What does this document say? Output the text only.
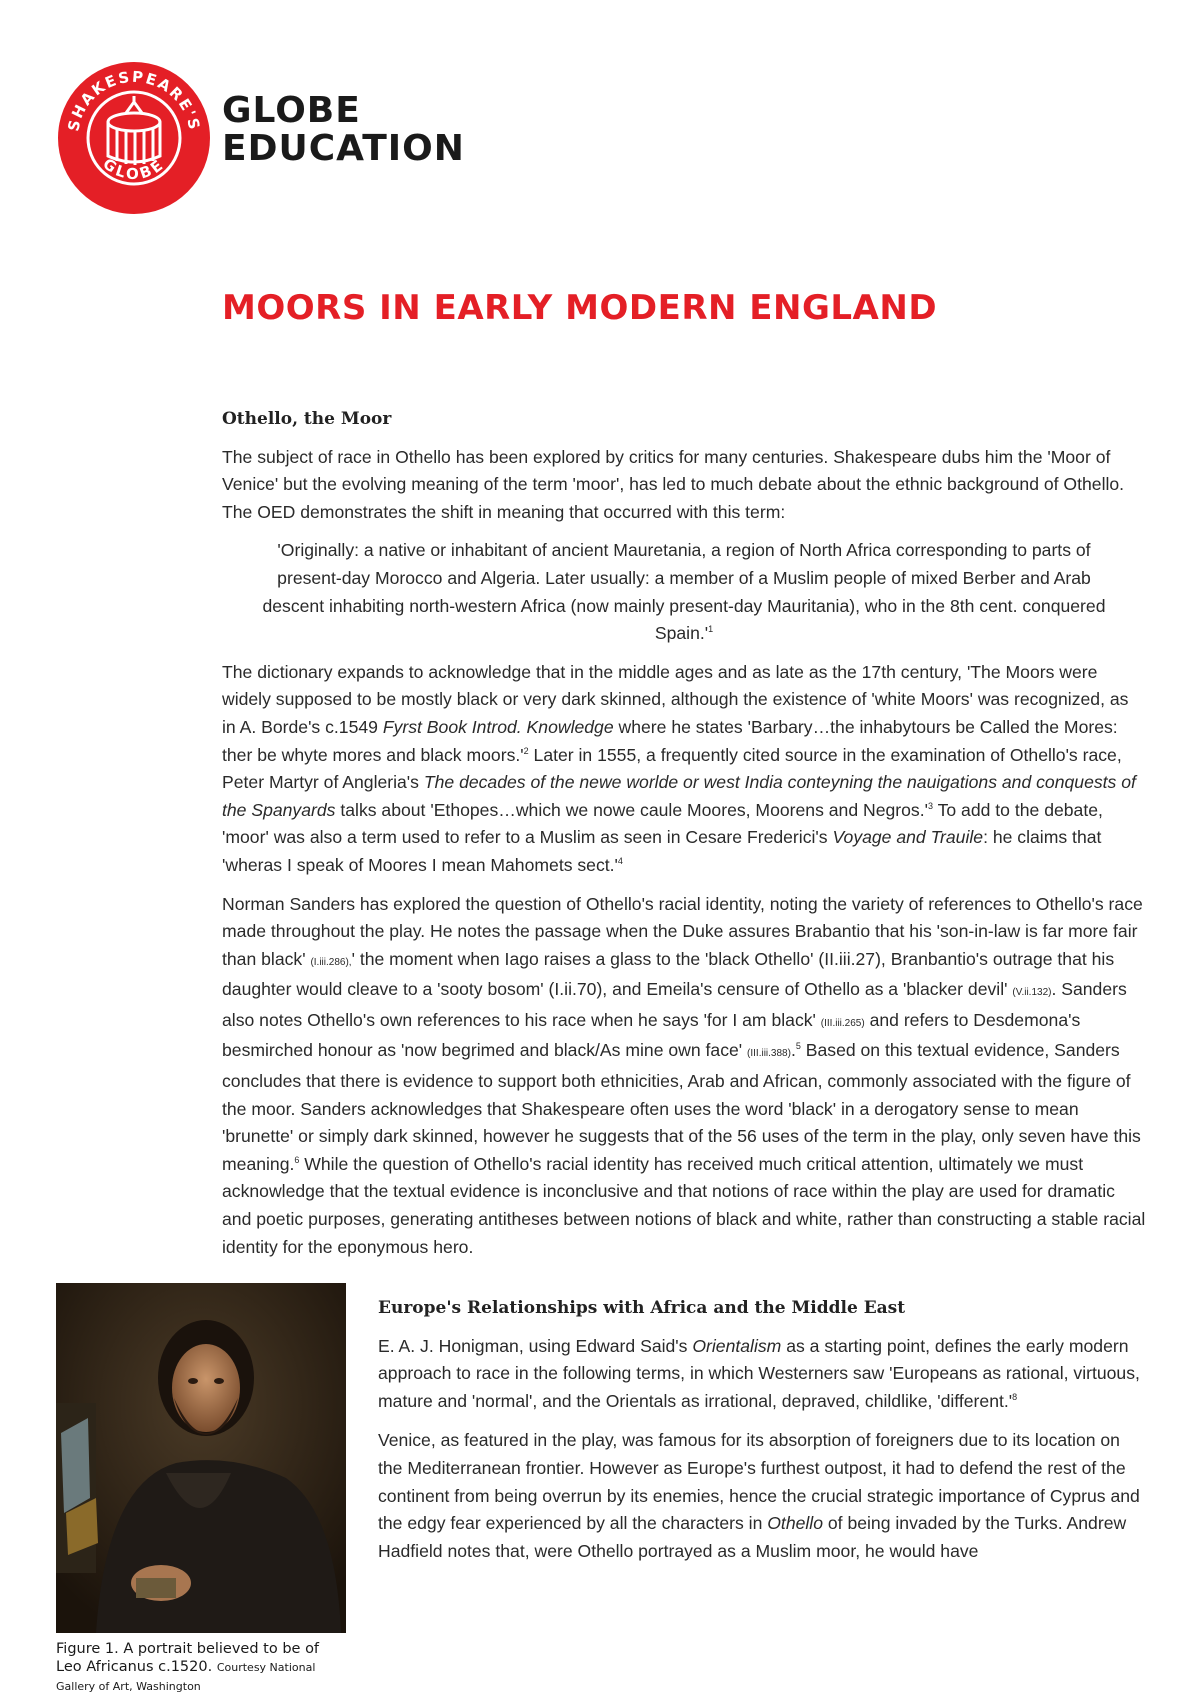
SHAKESPEARE'S
GLOBE
GLOBE
EDUCATION
MOORS IN EARLY MODERN ENGLAND
Othello, the Moor

The subject of race in Othello has been explored by critics for many centuries. Shakespeare dubs him the 'Moor of Venice' but the evolving meaning of the term 'moor', has led to much debate about the ethnic background of Othello. The OED demonstrates the shift in meaning that occurred with this term:

'Originally: a native or inhabitant of ancient Mauretania, a region of North Africa corresponding to parts of present-day Morocco and Algeria. Later usually: a member of a Muslim people of mixed Berber and Arab descent inhabiting north-western Africa (now mainly present-day Mauritania), who in the 8th cent. conquered $Spain.'^1$

The dictionary expands to acknowledge that in the middle ages and as late as the 17th century, 'The Moors were widely supposed to be mostly black or very dark skinned, although the existence of 'white Moors' was recognized, as in A. Borde's c.1549 Fyrst Book Introd. Knowledge where he states 'Barbary…the inhabytours be Called the Mores: ther be whyte mores and black $moors.'^2$ Later in 1555, a frequently cited source in the examination of Othello's race, Peter Martyr of Angleria's The decades of the newe worlde or west India conteyning the nauigations and conquests of the Spanyards talks about 'Ethopes…which we nowe caule Moores, Moorens and $Negros.'^3$ To add to the debate, 'moor' was also a term used to refer to a Muslim as seen in Cesare Frederici's Voyage and Trauile: he claims that 'wheras I speak of Moores I mean Mahomets $\sec t.'^4$

Norman Sanders has explored the question of Othello's racial identity, noting the variety of references to Othello's race made throughout the play. He notes the passage when the Duke assures Brabantio that his 'son-in-law is far more fair than black' (I.iii.286),' the moment when Iago raises a glass to the 'black Othello' (II.iii.27), Branbantio's outrage that his daughter would cleave to a 'sooty bosom' (I.ii.70), and Emeila's censure of Othello as a 'blacker devil' (V.ii.132). Sanders also notes Othello's own references to his race when he says 'for I am black' (III.iii.265) and refers to Desdemona's besmirched honour as 'now begrimed and black/As mine own face' (III.iii.388).$^5$ Based on this textual evidence, Sanders concludes that there is evidence to support both ethnicities, Arab and African, commonly associated with the figure of the moor. Sanders acknowledges that Shakespeare often uses the word 'black' in a derogatory sense to mean 'brunette' or simply dark skinned, however he suggests that of the 56 uses of the term in the play, only seven have this meaning.$^6$ While the question of Othello's racial identity has received much critical attention, ultimately we must acknowledge that the textual evidence is inconclusive and that notions of race within the play are used for dramatic and poetic purposes, generating antitheses between notions of black and white, rather than constructing a stable racial identity for the eponymous hero.

Figure 1. A portrait believed to be of Leo Africanus c.1520. Courtesy National Gallery of Art, Washington
Europe's Relationships with Africa and the Middle East

E. A. J. Honigman, using Edward Said's Orientalism as a starting point, defines the early modern approach to race in the following terms, in which Westerners saw 'Europeans as rational, virtuous, mature and 'normal', and the Orientals as irrational, depraved, childlike, '$different.'^8$

Venice, as featured in the play, was famous for its absorption of foreigners due to its location on the Mediterranean frontier. However as Europe's furthest outpost, it had to defend the rest of the continent from being overrun by its enemies, hence the crucial strategic importance of Cyprus and the edgy fear experienced by all the characters in Othello of being invaded by the Turks. Andrew Hadfield notes that, were Othello portrayed as a Muslim moor, he would have
